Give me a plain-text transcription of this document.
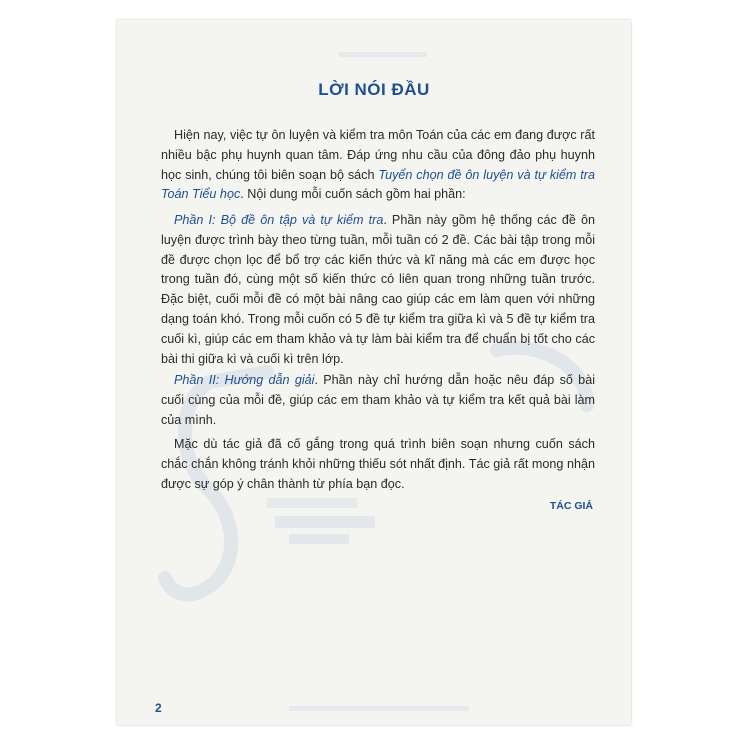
LỜI NÓI ĐẦU

Hiện nay, việc tự ôn luyện và kiểm tra môn Toán của các em đang được rất nhiều bậc phụ huynh quan tâm. Đáp ứng nhu cầu của đông đảo phụ huynh học sinh, chúng tôi biên soạn bộ sách Tuyển chọn đề ôn luyện và tự kiểm tra Toán Tiểu học. Nội dung mỗi cuốn sách gồm hai phần:

Phần I: Bộ đề ôn tập và tự kiểm tra. Phần này gồm hệ thống các đề ôn luyện được trình bày theo từng tuần, mỗi tuần có 2 đề. Các bài tập trong mỗi đề được chọn lọc để bổ trợ các kiến thức và kĩ năng mà các em được học trong tuần đó, cùng một số kiến thức có liên quan trong những tuần trước. Đặc biệt, cuối mỗi đề có một bài nâng cao giúp các em làm quen với những dạng toán khó. Trong mỗi cuốn có 5 đề tự kiểm tra giữa kì và 5 đề tự kiểm tra cuối kì, giúp các em tham khảo và tự làm bài kiểm tra để chuẩn bị tốt cho các bài thi giữa kì và cuối kì trên lớp.

Phần II: Hướng dẫn giải. Phần này chỉ hướng dẫn hoặc nêu đáp số bài cuối cùng của mỗi đề, giúp các em tham khảo và tự kiểm tra kết quả bài làm của mình.

Mặc dù tác giả đã cố gắng trong quá trình biên soạn nhưng cuốn sách chắc chắn không tránh khỏi những thiếu sót nhất định. Tác giả rất mong nhận được sự góp ý chân thành từ phía bạn đọc.

TÁC GIẢ

2
